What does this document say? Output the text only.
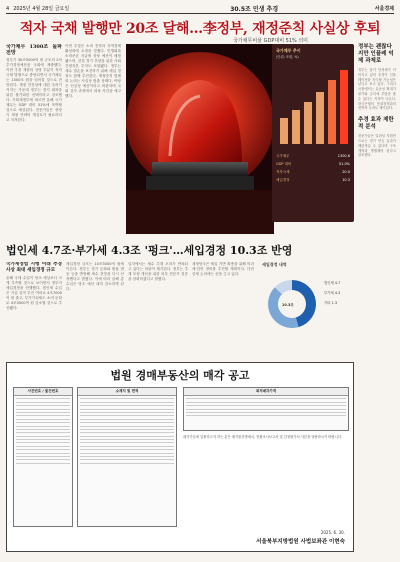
4 2025년 4월 28일 금요일	30.5조 민생 추경	서울경제
적자 국채 발행만 20조 달해…李정부, 재정준칙 사실상 후퇴
국가채무비율 GDP대비 51% 의미
국가채무 1300조 돌파 전망
정부가 30조5000억 원 규모의 2차 추가경정예산을 국회에 제출했다. 이번 추경 재원의 상당 부분이 적자국채 발행으로 충당되면서 국가채무는 1300조 원을 넘어설 것으로 전망된다. 재정 건전성에 대한 우려가 커지는 가운데 정부는 경기 회복을 위한 불가피한 선택이라고 강조했다. 기획재정부에 따르면 올해 국가채무는 GDP 대비 51%에 육박할 것으로 예상된다. 전문가들은 중장기 재정 전략의 재검토가 필요하다고 지적한다.
이번 추경은 소비 진작과 지역경제 활성화에 초점을 맞췄다. 민생회복 소비쿠폰 지급에 상당 예산이 배정됐으며, 건설 경기 부양을 위한 사회간접자본 투자도 포함됐다. 정부는 세수 결손을 보전하기 위해 세입 경정도 함께 추진한다. 재정준칙 법제화 논의는 사실상 멈춘 상태다. 야당은 선심성 예산이라고 비판하며 국회 심사 과정에서 대폭 삭감을 예고했다.
국가채무 추이
(단위: 조원, %)
국가채무	1300.6
GDP 대비	51.0%
적자국채	20.0
세입경정	10.3
정부는 괜찮다지만 인플레 억제 과제로
정부는 물가 안정세가 이어지고 있어 추경이 인플레이션을 자극할 가능성은 낮다고 보고 있다. 그러나 시장에서는 유동성 확대가 물가와 금리에 부담을 줄 수 있다는 지적이 나온다. 한국은행의 통화정책과의 엇박자 우려도 제기된다.
추경 효과 제한적 분석
전문가들은 일회성 지원만으로는 경기 반등 효과가 제한적일 수 있다며 구조 개혁과 병행해야 한다고 강조했다.
법인세 4.7조·부가세 4.3조 '펑크'…세입경정 10.3조 반영
국가재정법 시행 이래 추경 사상 최대 세입경정 규모
올해 국세 수입이 당초 예상보다 크게 부족할 것으로 보이면서 정부가 세입경정을 단행했다. 법인세 수입은 기업 실적 부진 여파로 4조7000억 원 줄고, 부가가치세도 소비 둔화로 4조3000억 원 감소할 것으로 추산됐다.
세입경정 규모는 10조3000억 원에 이른다. 정부는 경기 둔화와 환율 변동 등을 반영해 세수 전망을 다시 산정했다고 밝혔다. 이에 따라 올해 총수입은 당초 예산 대비 감소하게 된다.
일각에서는 세수 추계 오차가 반복되고 있다는 비판이 제기된다. 정부는 추계 모형 개선을 위한 외부 전문가 검증을 강화하겠다고 밝혔다.
재정당국은 세입 기반 확충을 위해 비과세·감면 정비를 추진할 계획이다. 다만 증세 논의에는 선을 긋고 있다.
세입경정 내역
10.3조
법인세 4.7
부가세 4.3
기타 1.3
법원 경매부동산의 매각 공고
사건번호 / 물건번호	소재지 및 면적	최저매각가격
매각기일에 입찰하고자 하는 분은 매각물건명세서, 현황조사보고서 및 감정평가서 사본을 열람하시기 바랍니다.
2025. 6. 30.
서울북부지방법원 사법보좌관 이현숙
